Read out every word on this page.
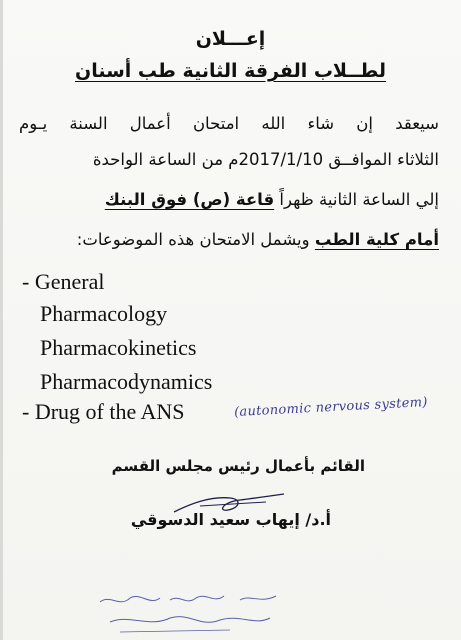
إعـــلان
لطــلاب الفرقة الثانية طب أسنان
سيعقد إن شاء الله امتحان أعمال السنة يـوم
الثلاثاء الموافــق 2017/1/10م من الساعة الواحدة
إلي الساعة الثانية ظهراً قاعة (ص) فوق البنك
أمام كلية الطب ويشمل الامتحان هذه الموضوعات:
- General
Pharmacology
Pharmacokinetics
Pharmacodynamics
- Drug of the ANS	(autonomic nervous system)
القائم بأعمال رئيس مجلس القسم
أ.د/ إيهاب سعيد الدسوقي
